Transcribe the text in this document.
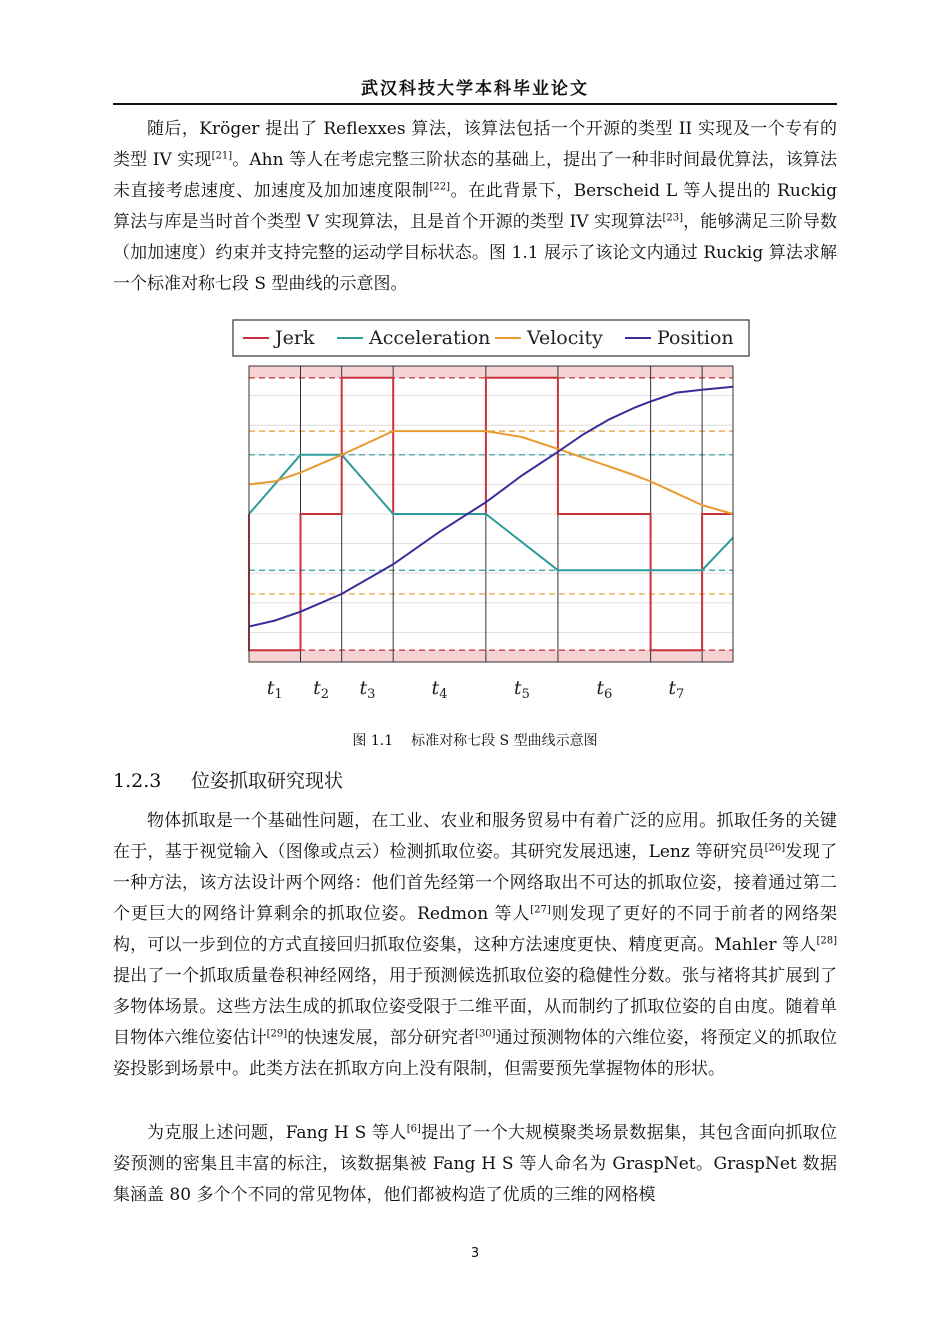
武汉科技大学本科毕业论文

随后，Kröger 提出了 Reflexxes 算法，该算法包括一个开源的类型 II 实现及一个专有的类型 IV 实现[21]。Ahn 等人在考虑完整三阶状态的基础上，提出了一种非时间最优算法，该算法未直接考虑速度、加速度及加加速度限制[22]。在此背景下，Berscheid L 等人提出的 Ruckig 算法与库是当时首个类型 V 实现算法，且是首个开源的类型 IV 实现算法[23]，能够满足三阶导数（加加速度）约束并支持完整的运动学目标状态。图 1.1 展示了该论文内通过 Ruckig 算法求解一个标准对称七段 S 型曲线的示意图。

$t_1$ $t_2$ $t_3$	$t_4$	$t_5$	$t_6$	$t_7$
Jerk	Acceleration Velocity	Position
图 1.1 标准对称七段 S 型曲线示意图
1.2.3 位姿抓取研究现状

物体抓取是一个基础性问题，在工业、农业和服务贸易中有着广泛的应用。抓取任务的关键在于，基于视觉输入（图像或点云）检测抓取位姿。其研究发展迅速，Lenz 等研究员[26]发现了一种方法，该方法设计两个网络：他们首先经第一个网络取出不可达的抓取位姿，接着通过第二个更巨大的网络计算剩余的抓取位姿。Redmon 等人[27]则发现了更好的不同于前者的网络架构，可以一步到位的方式直接回归抓取位姿集，这种方法速度更快、精度更高。Mahler 等人[28]提出了一个抓取质量卷积神经网络，用于预测候选抓取位姿的稳健性分数。张与褚将其扩展到了多物体场景。这些方法生成的抓取位姿受限于二维平面，从而制约了抓取位姿的自由度。随着单目物体六维位姿估计[29]的快速发展，部分研究者[30]通过预测物体的六维位姿，将预定义的抓取位姿投影到场景中。此类方法在抓取方向上没有限制，但需要预先掌握物体的形状。

为克服上述问题，Fang H S 等人[6]提出了一个大规模聚类场景数据集，其包含面向抓取位姿预测的密集且丰富的标注，该数据集被 Fang H S 等人命名为 GraspNet。GraspNet 数据集涵盖 80 多个个不同的常见物体，他们都被构造了优质的三维的网格模

3
